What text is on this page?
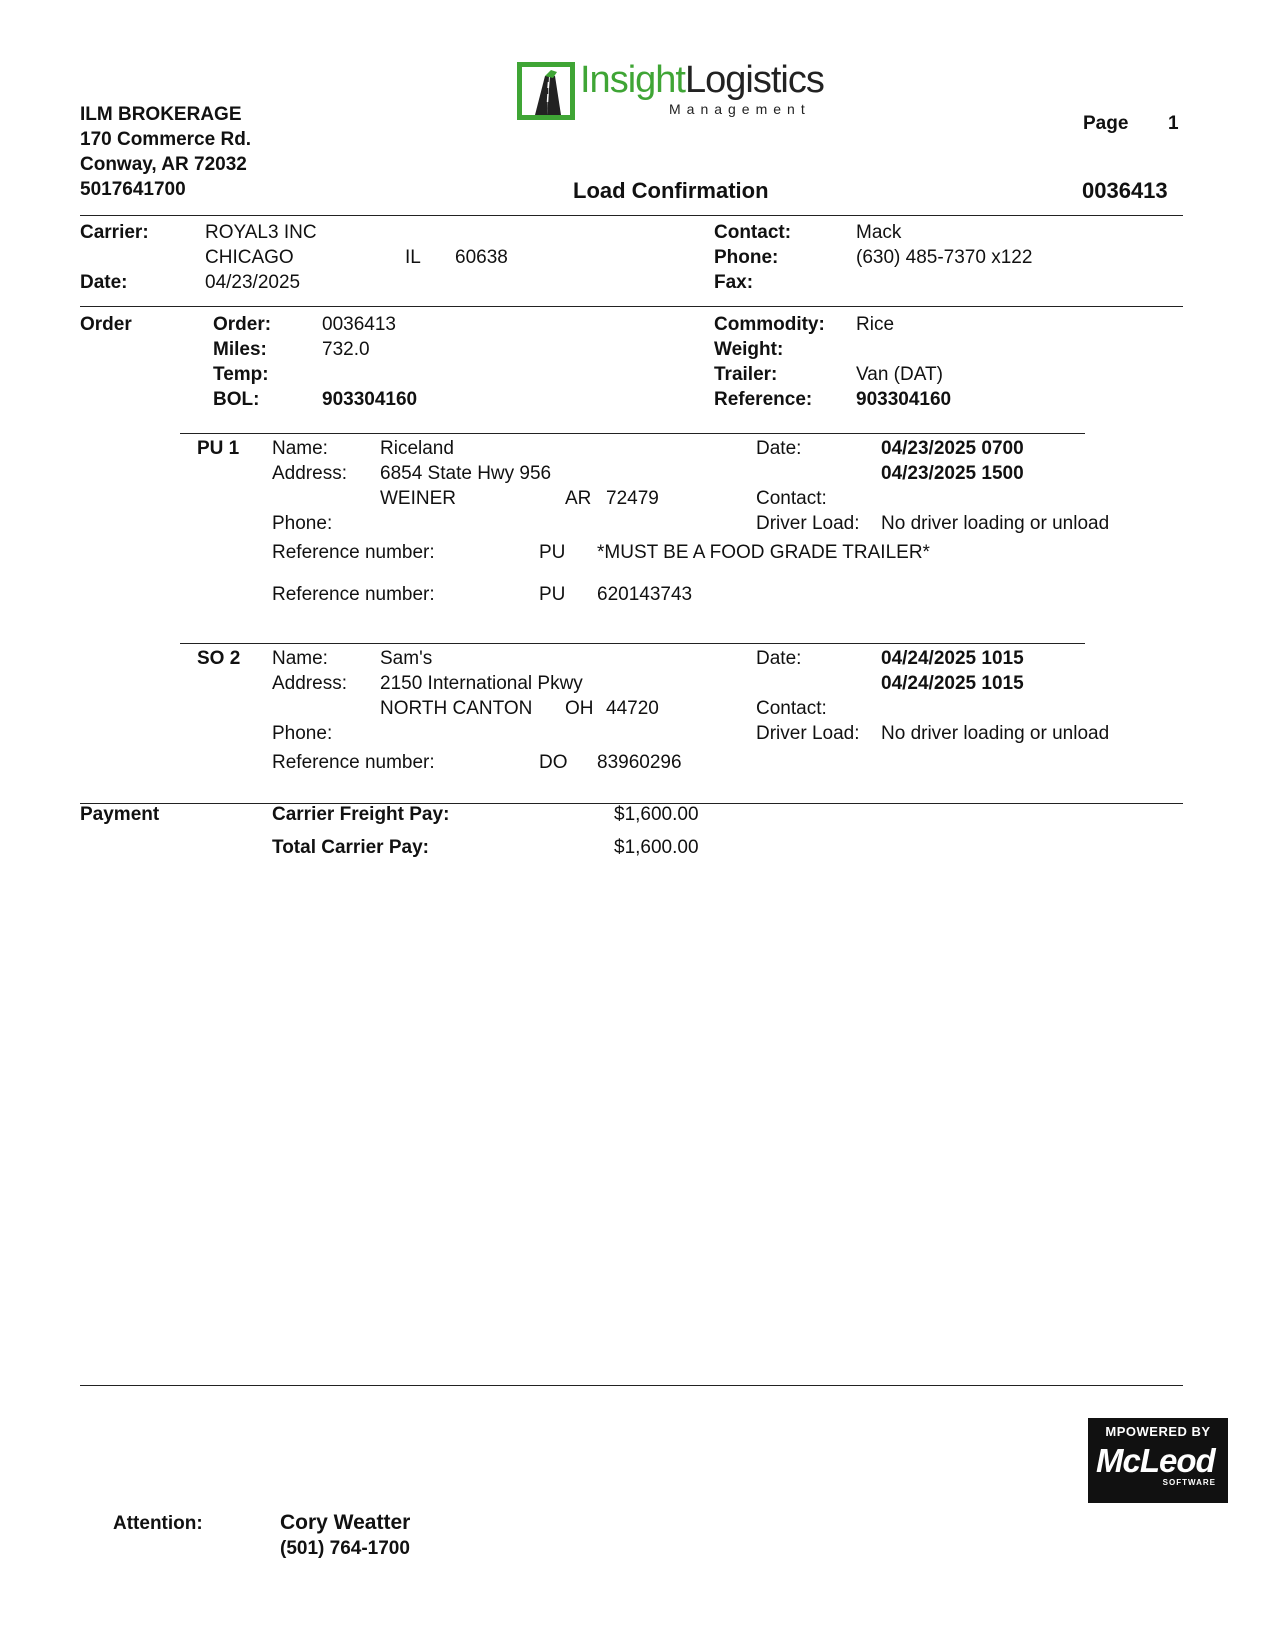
InsightLogistics
Management
ILM BROKERAGE
170 Commerce Rd.
Conway, AR 72032
5017641700
Page 1
Load Confirmation	0036413
Carrier:	ROYAL3 INC
CHICAGO	IL 60638
Date:	04/23/2025
Contact:	Mack
Phone:	(630) 485-7370 x122
Fax:
Order	Order:	0036413
Miles:	732.0
Temp:
BOL:	903304160
Commodity: Rice
Weight:
Trailer:	Van (DAT)
Reference: 903304160
PU 1 Name:	Riceland
Address: 6854 State Hwy 956
WEINER	AR 72479
Phone:
Date:	04/23/2025 0700
04/23/2025 1500
Contact:
Driver Load: No driver loading or unload
Reference number:	PU *MUST BE A FOOD GRADE TRAILER*
Reference number:	PU 620143743
SO 2 Name:	Sam's
Address: 2150 International Pkwy
NORTH CANTON OH 44720
Phone:
Date:	04/24/2025 1015
04/24/2025 1015
Contact:
Driver Load: No driver loading or unload
Reference number:	DO 83960296
Payment	Carrier Freight Pay:	$1,600.00
Total Carrier Pay:	$1,600.00
MPOWERED BY
McLeod
SOFTWARE
Attention:	Cory Weatter
(501) 764-1700
